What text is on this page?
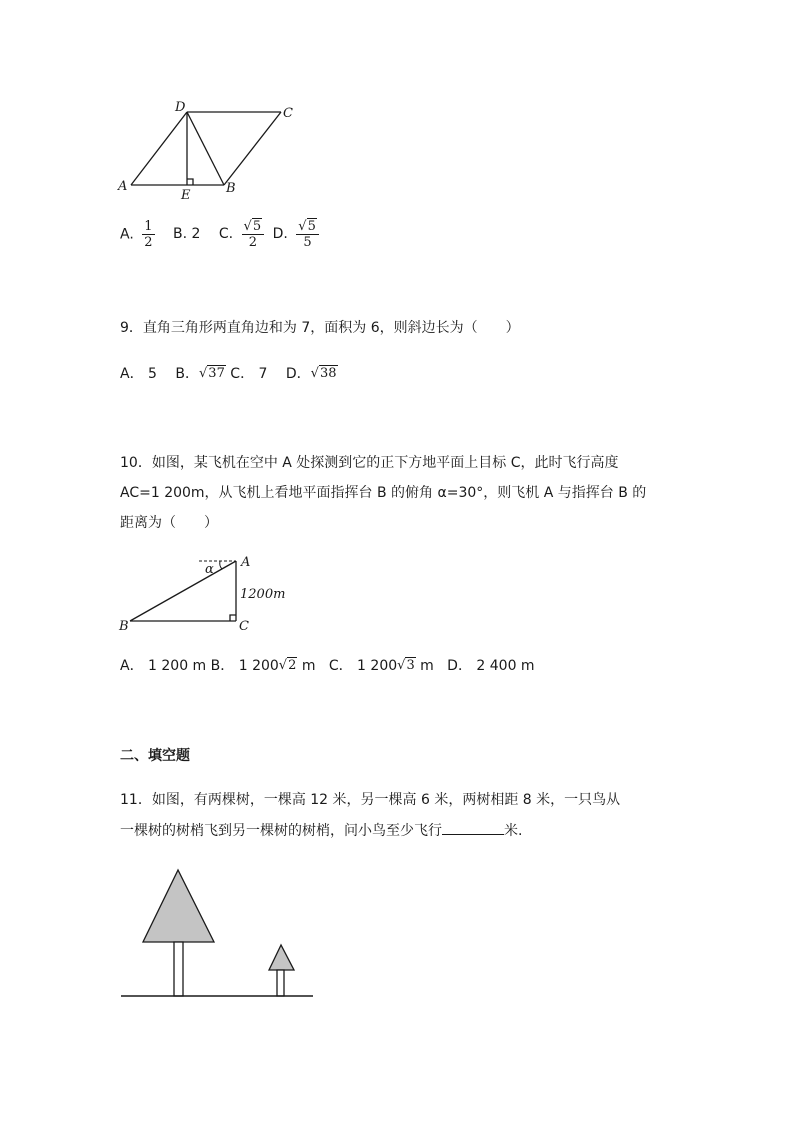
D	C
A	B
E
A. $\frac{1}{2} B$. 2 C. $\frac{√5}{2} D$. $\frac{√5}{5}$
9．直角三角形两直角边和为 7，面积为 6，则斜边长为（　　）
A． 5 B．√37 C． 7 D．√38
10．如图，某飞机在空中 A 处探测到它的正下方地平面上目标 C，此时飞行高度
AC=1 200m，从飞机上看地平面指挥台 B 的俯角 α=30°，则飞机 A 与指挥台 B 的
距离为（　　）
A
α
1200m
B	C
A． 1 200 m B． 1 200√2 m C． 1 200√3 m D． 2 400 m
二、填空题
11．如图，有两棵树，一棵高 12 米，另一棵高 6 米，两树相距 8 米，一只鸟从
一棵树的树梢飞到另一棵树的树梢，问小鸟至少飞行	米.
